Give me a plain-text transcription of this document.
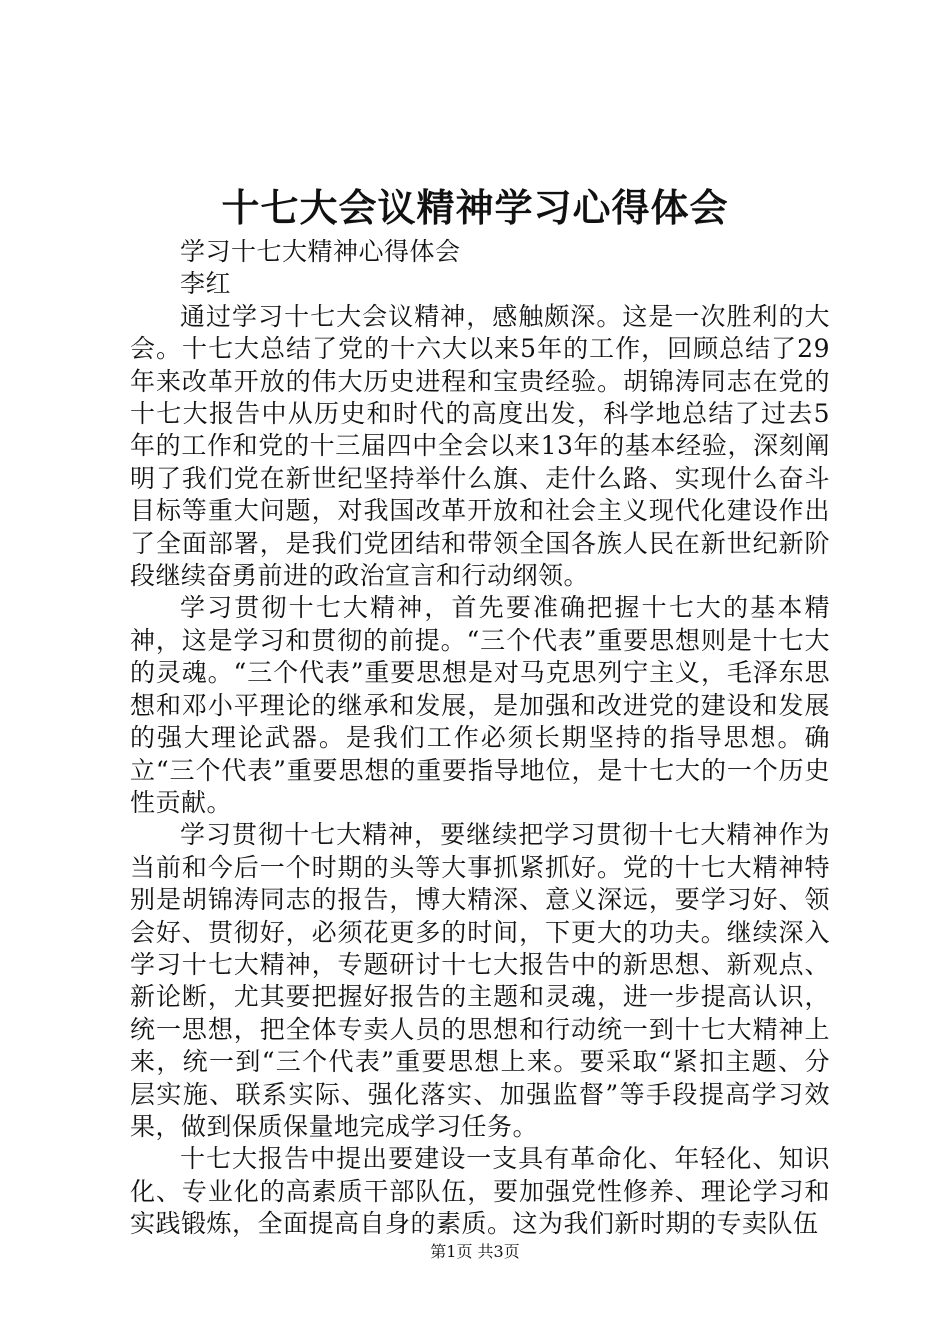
十七大会议精神学习心得体会
学习十七大精神心得体会
李红
通过学习十七大会议精神，感触颇深。这是一次胜利的大会。十七大总结了党的十六大以来5年的工作，回顾总结了29年来改革开放的伟大历史进程和宝贵经验。胡锦涛同志在党的十七大报告中从历史和时代的高度出发，科学地总结了过去5年的工作和党的十三届四中全会以来13年的基本经验，深刻阐明了我们党在新世纪坚持举什么旗、走什么路、实现什么奋斗目标等重大问题，对我国改革开放和社会主义现代化建设作出了全面部署，是我们党团结和带领全国各族人民在新世纪新阶段继续奋勇前进的政治宣言和行动纲领。
学习贯彻十七大精神，首先要准确把握十七大的基本精神，这是学习和贯彻的前提。“三个代表”重要思想则是十七大的灵魂。“三个代表”重要思想是对马克思列宁主义，毛泽东思想和邓小平理论的继承和发展，是加强和改进党的建设和发展的强大理论武器。是我们工作必须长期坚持的指导思想。确立“三个代表”重要思想的重要指导地位，是十七大的一个历史性贡献。
学习贯彻十七大精神，要继续把学习贯彻十七大精神作为当前和今后一个时期的头等大事抓紧抓好。党的十七大精神特别是胡锦涛同志的报告，博大精深、意义深远，要学习好、领会好、贯彻好，必须花更多的时间，下更大的功夫。继续深入学习十七大精神，专题研讨十七大报告中的新思想、新观点、新论断，尤其要把握好报告的主题和灵魂，进一步提高认识，统一思想，把全体专卖人员的思想和行动统一到十七大精神上来，统一到“三个代表”重要思想上来。要采取“紧扣主题、分层实施、联系实际、强化落实、加强监督”等手段提高学习效果，做到保质保量地完成学习任务。
十七大报告中提出要建设一支具有革命化、年轻化、知识化、专业化的高素质干部队伍，要加强党性修养、理论学习和实践锻炼，全面提高自身的素质。这为我们新时期的专卖队伍
第1页 共3页
